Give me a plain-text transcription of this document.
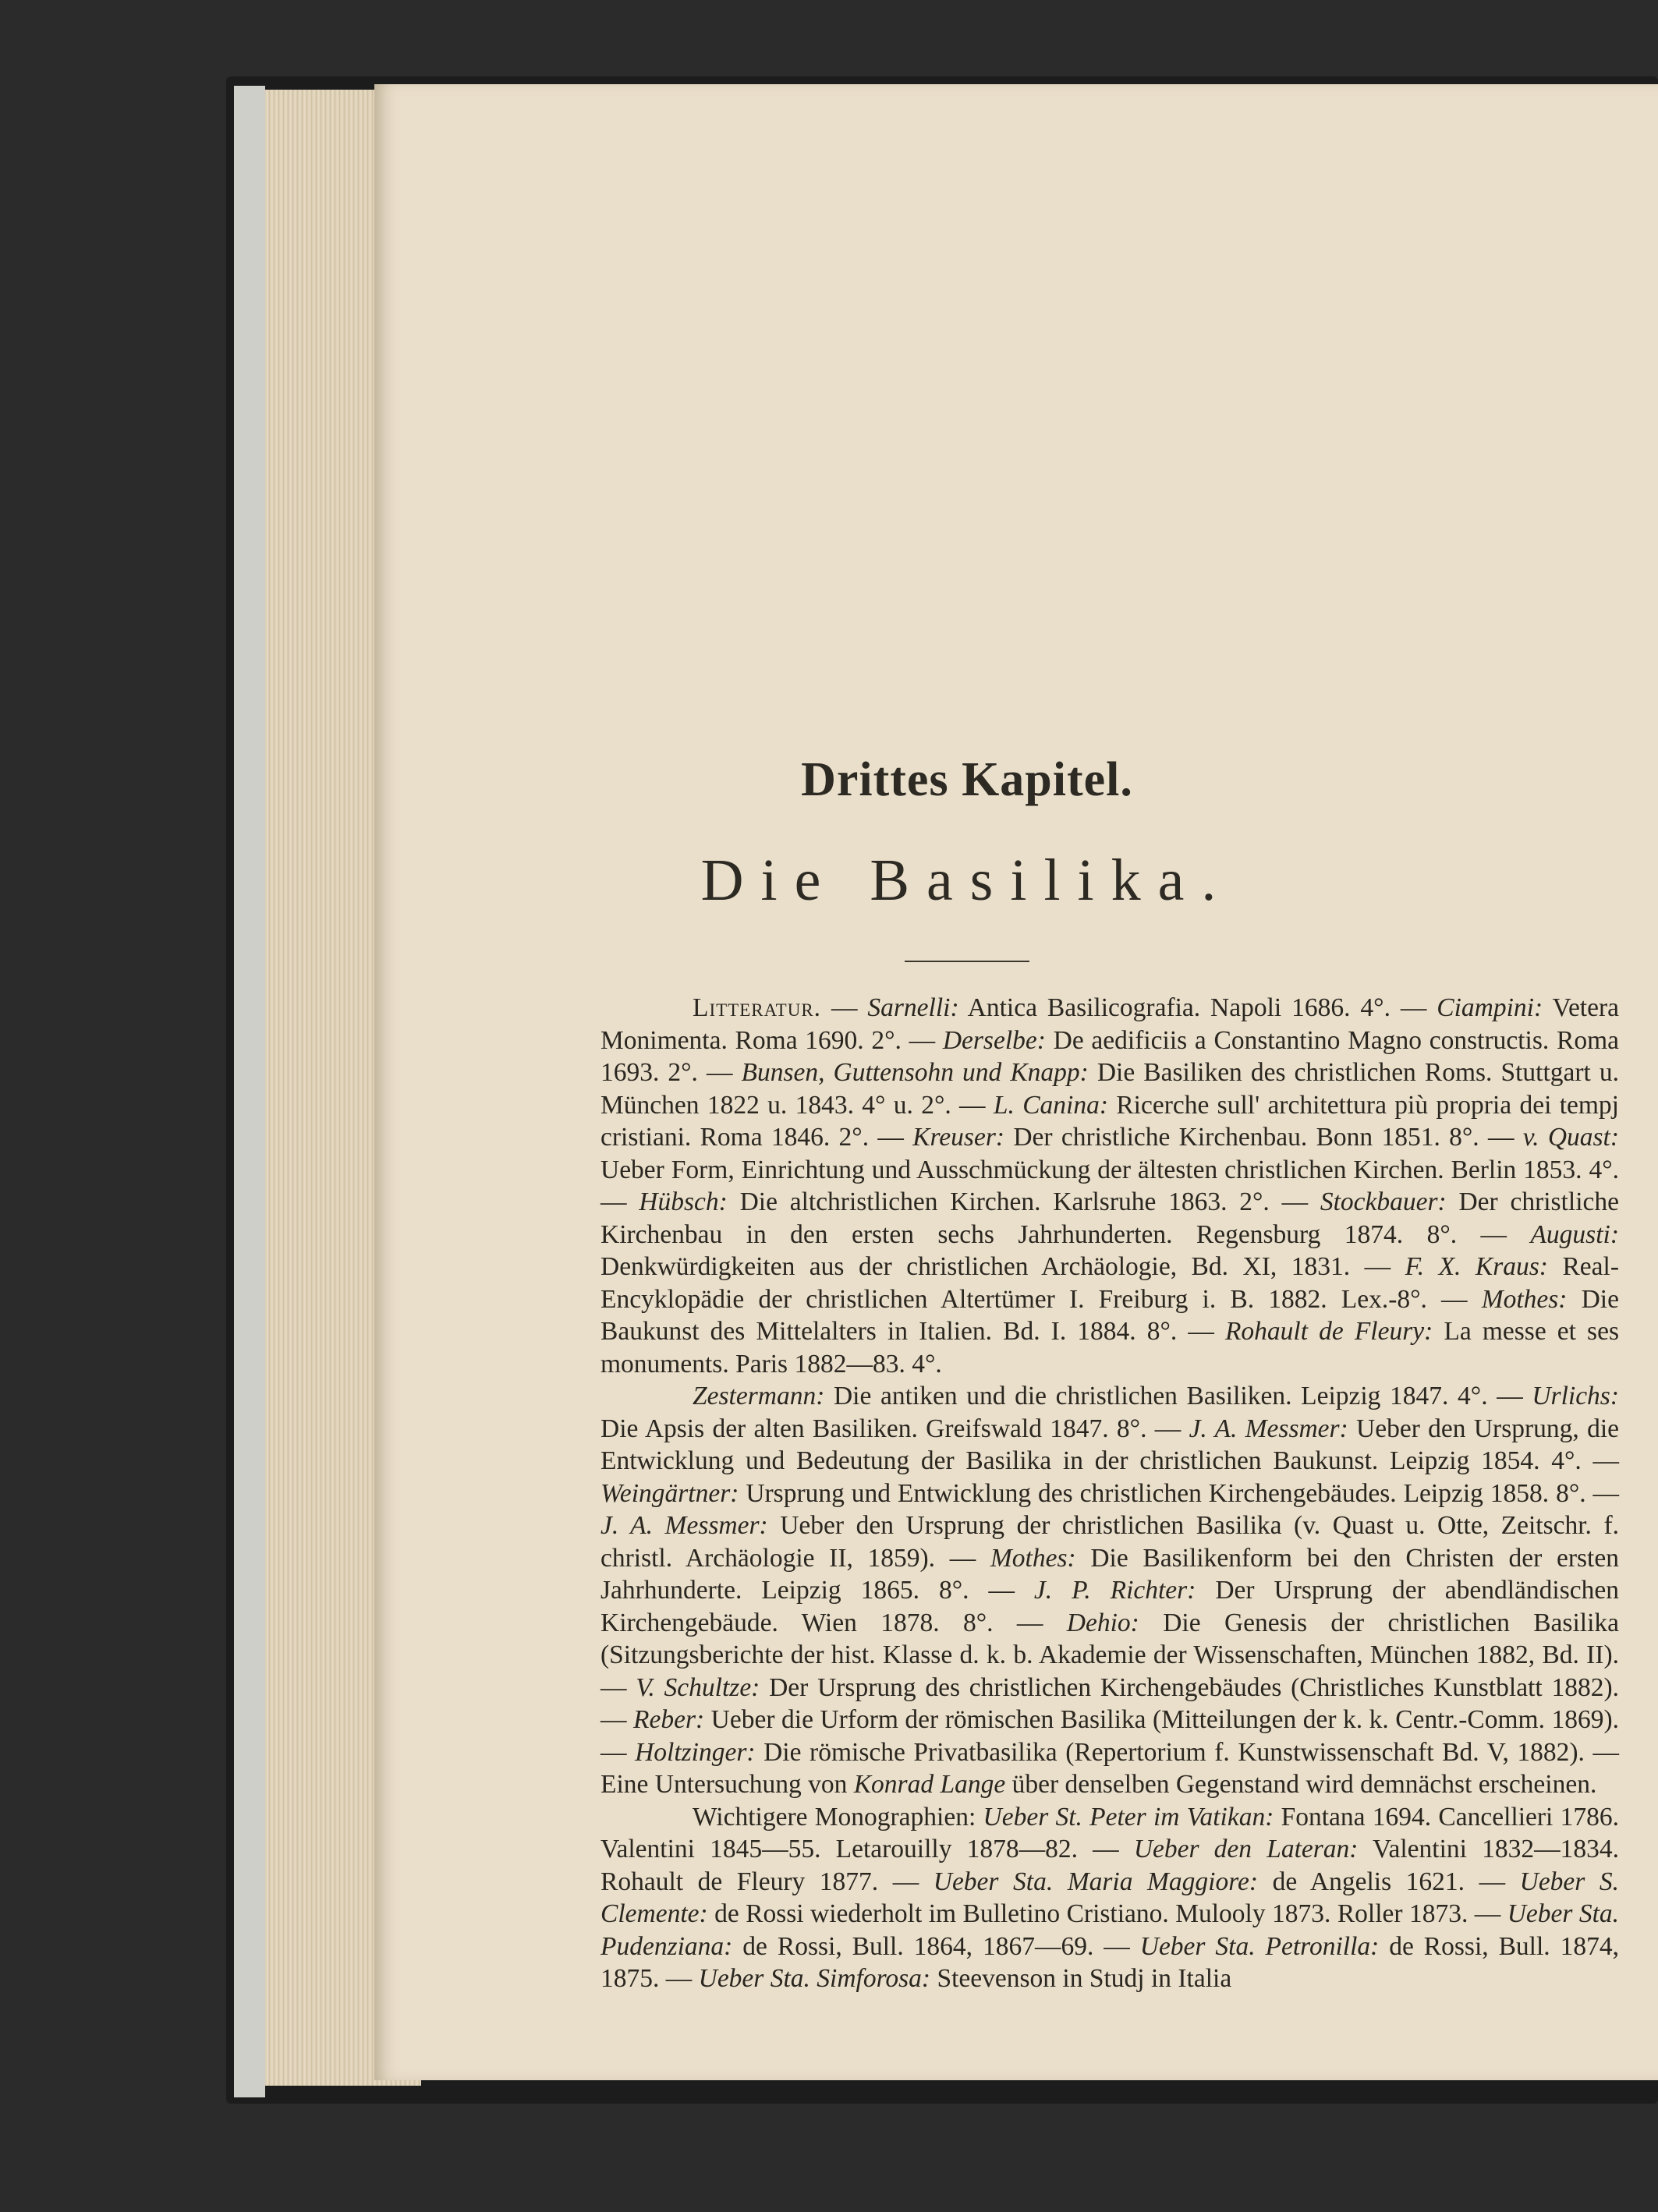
Drittes Kapitel.
Die Basilika.

Litteratur. — Sarnelli: Antica Basilicografia. Napoli 1686. 4°. — Ciampini: Vetera Monimenta. Roma 1690. 2°. — Derselbe: De aedificiis a Constantino Magno constructis. Roma 1693. 2°. — Bunsen, Guttensohn und Knapp: Die Basiliken des christlichen Roms. Stuttgart u. München 1822 u. 1843. 4° u. 2°. — L. Canina: Ricerche sull' architettura più propria dei tempj cristiani. Roma 1846. 2°. — Kreuser: Der christliche Kirchenbau. Bonn 1851. 8°. — v. Quast: Ueber Form, Einrichtung und Ausschmückung der ältesten christlichen Kirchen. Berlin 1853. 4°. — Hübsch: Die altchristlichen Kirchen. Karlsruhe 1863. 2°. — Stockbauer: Der christliche Kirchenbau in den ersten sechs Jahrhunderten. Regensburg 1874. 8°. — Augusti: Denkwürdigkeiten aus der christlichen Archäologie, Bd. XI, 1831. — F. X. Kraus: Real-Encyklopädie der christlichen Altertümer I. Freiburg i. B. 1882. Lex.-8°. — Mothes: Die Baukunst des Mittelalters in Italien. Bd. I. 1884. 8°. — Rohault de Fleury: La messe et ses monuments. Paris 1882—83. 4°.

Zestermann: Die antiken und die christlichen Basiliken. Leipzig 1847. 4°. — Urlichs: Die Apsis der alten Basiliken. Greifswald 1847. 8°. — J. A. Messmer: Ueber den Ursprung, die Entwicklung und Bedeutung der Basilika in der christlichen Baukunst. Leipzig 1854. 4°. — Weingärtner: Ursprung und Entwicklung des christlichen Kirchengebäudes. Leipzig 1858. 8°. — J. A. Messmer: Ueber den Ursprung der christlichen Basilika (v. Quast u. Otte, Zeitschr. f. christl. Archäologie II, 1859). — Mothes: Die Basilikenform bei den Christen der ersten Jahrhunderte. Leipzig 1865. 8°. — J. P. Richter: Der Ursprung der abendländischen Kirchengebäude. Wien 1878. 8°. — Dehio: Die Genesis der christlichen Basilika (Sitzungsberichte der hist. Klasse d. k. b. Akademie der Wissenschaften, München 1882, Bd. II). — V. Schultze: Der Ursprung des christlichen Kirchengebäudes (Christliches Kunstblatt 1882). — Reber: Ueber die Urform der römischen Basilika (Mitteilungen der k. k. Centr.-Comm. 1869). — Holtzinger: Die römische Privatbasilika (Repertorium f. Kunstwissenschaft Bd. V, 1882). — Eine Untersuchung von Konrad Lange über denselben Gegenstand wird demnächst erscheinen.

Wichtigere Monographien: Ueber St. Peter im Vatikan: Fontana 1694. Cancellieri 1786. Valentini 1845—55. Letarouilly 1878—82. — Ueber den Lateran: Valentini 1832—1834. Rohault de Fleury 1877. — Ueber Sta. Maria Maggiore: de Angelis 1621. — Ueber S. Clemente: de Rossi wiederholt im Bulletino Cristiano. Mulooly 1873. Roller 1873. — Ueber Sta. Pudenziana: de Rossi, Bull. 1864, 1867—69. — Ueber Sta. Petronilla: de Rossi, Bull. 1874, 1875. — Ueber Sta. Simforosa: Steevenson in Studj in Italia
